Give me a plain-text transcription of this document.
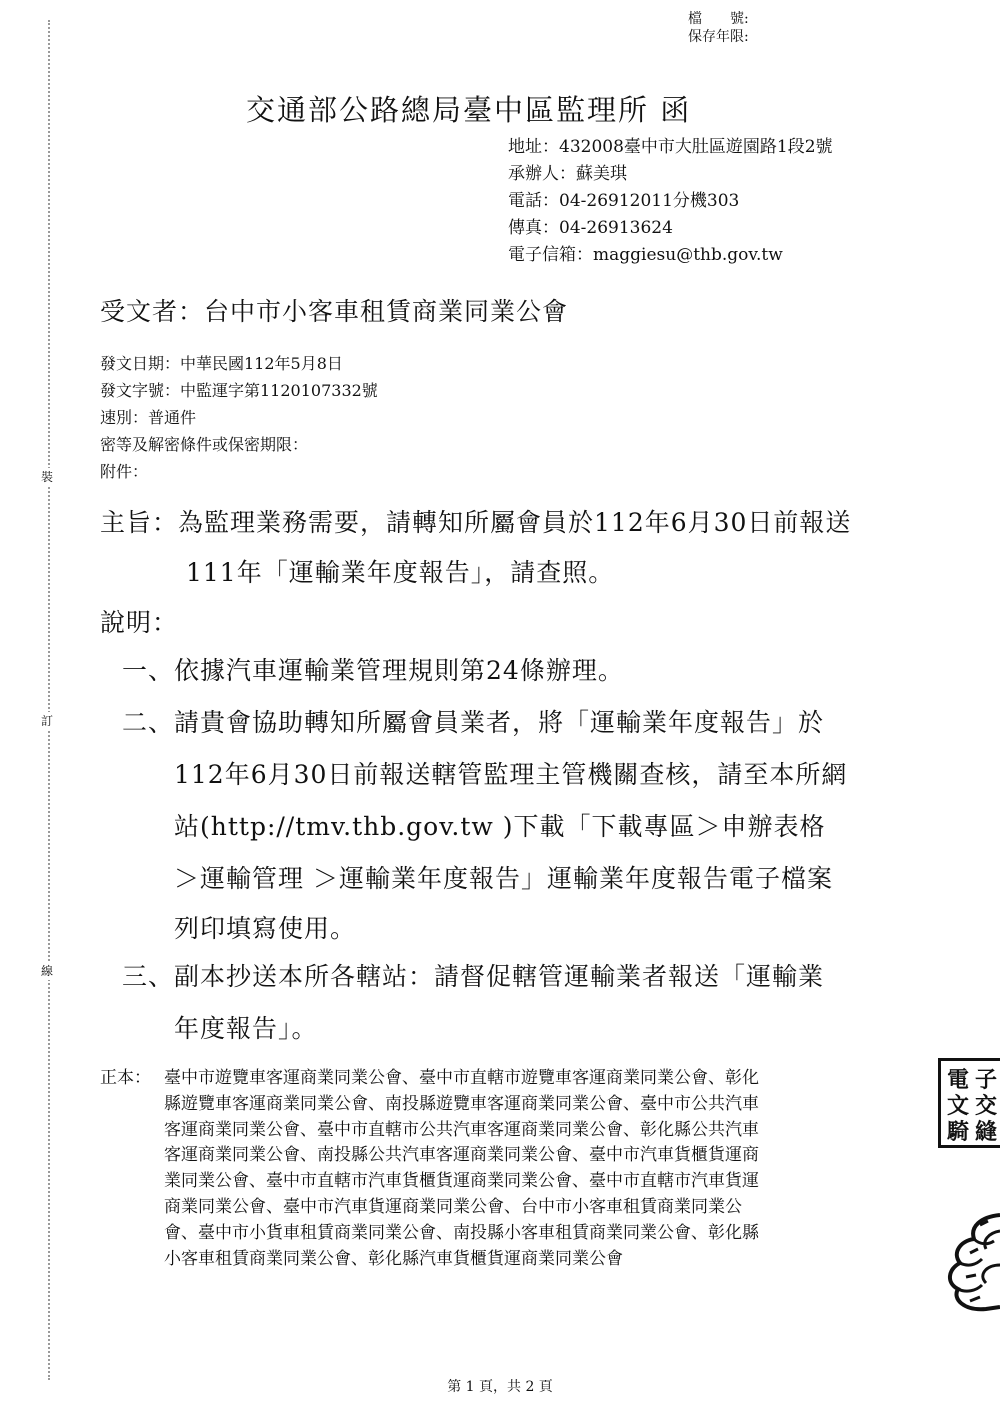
裝
訂
線
檔　　號:
保存年限:
交通部公路總局臺中區監理所 函
地址：432008臺中市大肚區遊園路1段2號
承辦人：蘇美琪
電話：04-26912011分機303
傳真：04-26913624
電子信箱：maggiesu@thb.gov.tw
受文者：台中市小客車租賃商業同業公會
發文日期：中華民國112年5月8日
發文字號：中監運字第1120107332號
速別：普通件
密等及解密條件或保密期限：
附件：
主旨：為監理業務需要，請轉知所屬會員於112年6月30日前報送
111年「運輸業年度報告」，請查照。
說明：
一、依據汽車運輸業管理規則第24條辦理。
二、請貴會協助轉知所屬會員業者，將「運輸業年度報告」於
112年6月30日前報送轄管監理主管機關查核，請至本所網
站(http://tmv.thb.gov.tw )下載「下載專區＞申辦表格
＞運輸管理 ＞運輸業年度報告」運輸業年度報告電子檔案
列印填寫使用。
三、副本抄送本所各轄站：請督促轄管運輸業者報送「運輸業
年度報告」。
正本： 臺中市遊覽車客運商業同業公會、臺中市直轄市遊覽車客運商業同業公會、彰化
縣遊覽車客運商業同業公會、南投縣遊覽車客運商業同業公會、臺中市公共汽車
客運商業同業公會、臺中市直轄市公共汽車客運商業同業公會、彰化縣公共汽車
客運商業同業公會、南投縣公共汽車客運商業同業公會、臺中市汽車貨櫃貨運商
業同業公會、臺中市直轄市汽車貨櫃貨運商業同業公會、臺中市直轄市汽車貨運
商業同業公會、臺中市汽車貨運商業同業公會、台中市小客車租賃商業同業公
會、臺中市小貨車租賃商業同業公會、南投縣小客車租賃商業同業公會、彰化縣
小客車租賃商業同業公會、彰化縣汽車貨櫃貨運商業同業公會
電
文
騎
子
交
縫
第 1 頁，共 2 頁
